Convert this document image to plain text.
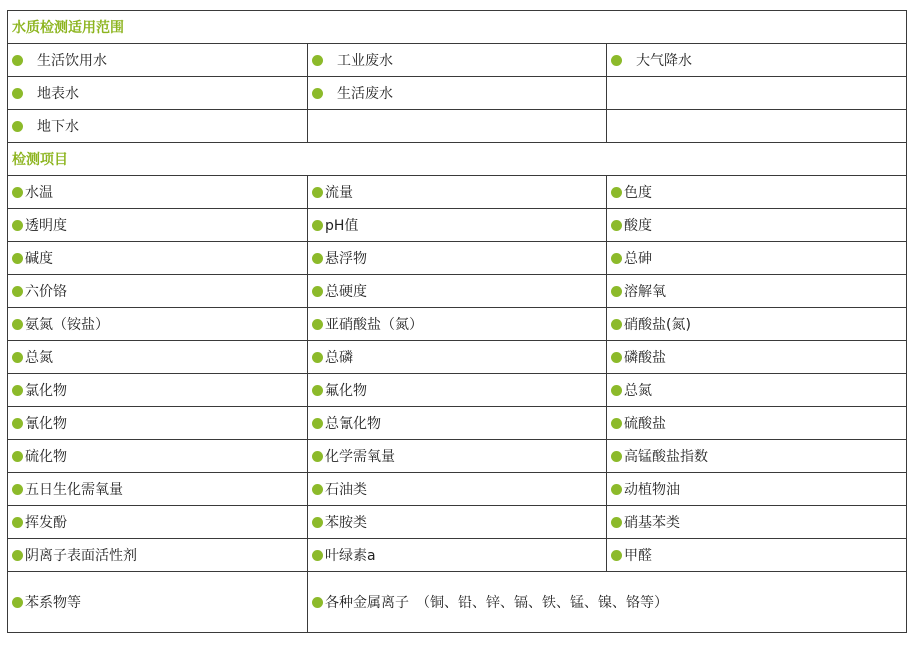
水质检测适用范围		
生活饮用水	工业废水	大气降水
地表水	生活废水	
地下水		
检测项目		
水温	流量	色度
透明度	pH值	酸度
碱度	悬浮物	总砷
六价铬	总硬度	溶解氧
氨氮（铵盐）	亚硝酸盐（氮）	硝酸盐(氮)
总氮	总磷	磷酸盐
氯化物	氟化物	总氮
氰化物	总氰化物	硫酸盐
硫化物	化学需氧量	高锰酸盐指数
五日生化需氧量	石油类	动植物油
挥发酚	苯胺类	硝基苯类
阴离子表面活性剂	叶绿素a	甲醛
苯系物等	各种金属离子　（铜、铅、锌、镉、铁、锰、镍、铬等）	
